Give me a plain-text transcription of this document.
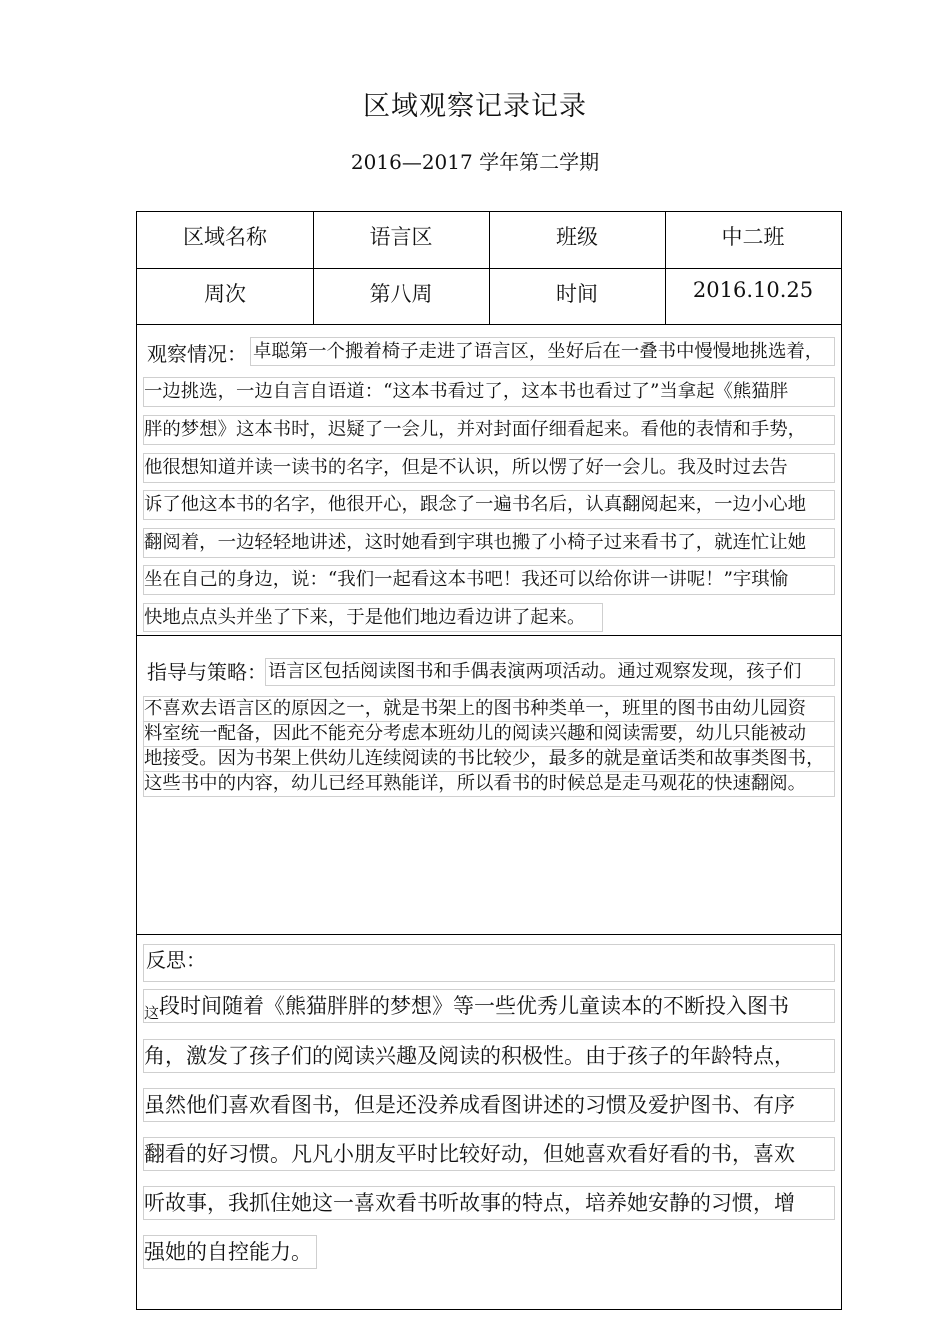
区域观察记录记录
2016—2017 学年第二学期
区域名称	语言区	班级	中二班
周次	第八周	时间	2016.10.25
观察情况： 卓聪第一个搬着椅子走进了语言区，坐好后在一叠书中慢慢地挑选着，
一边挑选，一边自言自语道：“这本书看过了，这本书也看过了”当拿起《熊猫胖
胖的梦想》这本书时，迟疑了一会儿，并对封面仔细看起来。看他的表情和手势，
他很想知道并读一读书的名字，但是不认识，所以愣了好一会儿。我及时过去告
诉了他这本书的名字，他很开心，跟念了一遍书名后，认真翻阅起来，一边小心地
翻阅着，一边轻轻地讲述，这时她看到宇琪也搬了小椅子过来看书了，就连忙让她
坐在自己的身边，说：“我们一起看这本书吧！我还可以给你讲一讲呢！”宇琪愉
快地点点头并坐了下来，于是他们地边看边讲了起来。
指导与策略： 语言区包括阅读图书和手偶表演两项活动。通过观察发现，孩子们
不喜欢去语言区的原因之一，就是书架上的图书种类单一，班里的图书由幼儿园资
料室统一配备，因此不能充分考虑本班幼儿的阅读兴趣和阅读需要，幼儿只能被动
地接受。因为书架上供幼儿连续阅读的书比较少，最多的就是童话类和故事类图书，
这些书中的内容，幼儿已经耳熟能详，所以看书的时候总是走马观花的快速翻阅。
反思：
$_这$段时间随着《熊猫胖胖的梦想》等一些优秀儿童读本的不断投入图书
角，激发了孩子们的阅读兴趣及阅读的积极性。由于孩子的年龄特点，
虽然他们喜欢看图书，但是还没养成看图讲述的习惯及爱护图书、有序
翻看的好习惯。凡凡小朋友平时比较好动，但她喜欢看好看的书，喜欢
听故事，我抓住她这一喜欢看书听故事的特点，培养她安静的习惯，增
强她的自控能力。
